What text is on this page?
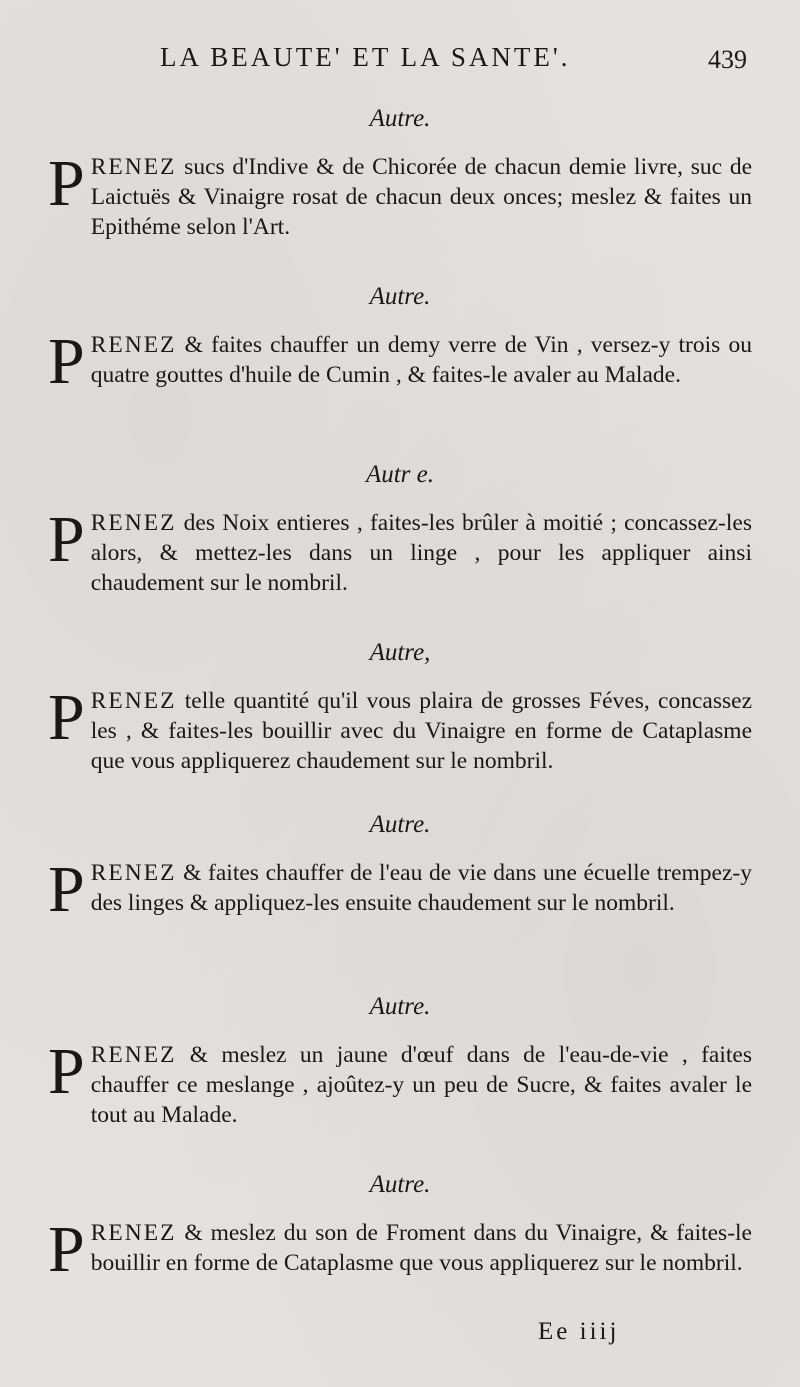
LA BEAUTE' ET LA SANTE'.	439
Autre.
PRENEZ sucs d'Indive & de Chicorée de chacun demie livre, suc de Laictuës & Vinaigre rosat de chacun deux onces; meslez & faites un Epithéme selon l'Art.
Autre.
PRENEZ & faites chauffer un demy verre de Vin , versez-y trois ou quatre gouttes d'huile de Cumin , & faites-le avaler au Malade.
Autr e.
PRENEZ des Noix entieres , faites-les brûler à moitié ; concassez-les alors, & mettez-les dans un linge , pour les appliquer ainsi chaudement sur le nombril.
Autre,
PRENEZ telle quantité qu'il vous plaira de grosses Féves, concassez les , & faites-les bouillir avec du Vinaigre en forme de Cataplasme que vous appliquerez chaudement sur le nombril.
Autre.
PRENEZ & faites chauffer de l'eau de vie dans une écuelle trempez-y des linges & appliquez-les ensuite chaudement sur le nombril.
Autre.
PRENEZ & meslez un jaune d'œuf dans de l'eau-de-vie , faites chauffer ce meslange , ajoûtez-y un peu de Sucre, & faites avaler le tout au Malade.
Autre.
PRENEZ & meslez du son de Froment dans du Vinaigre, & faites-le bouillir en forme de Cataplasme que vous appliquerez sur le nombril.
Ee iiij
